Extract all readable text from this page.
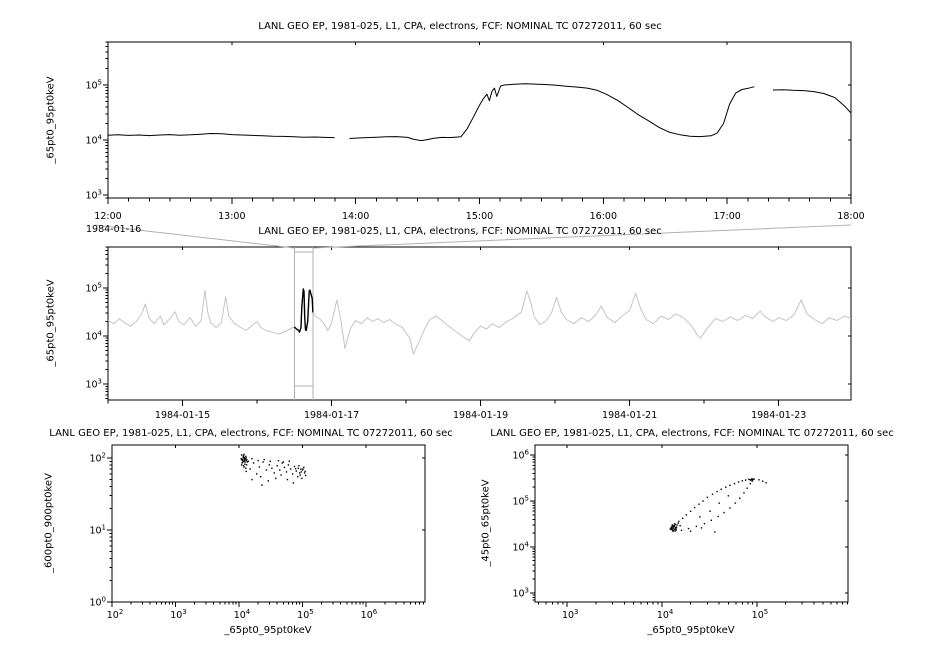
$10^3$
$10^4$
$10^5$
12:00	13:00	14:00	15:00	16:00	17:00	18:00
$10^3$
$10^4$
$10^5$
1984-01-15	1984-01-17	1984-01-19	1984-01-21	1984-01-23
$10^0$
$10^1$
$10^2$
$10^2$	$10^3$	$10^4$	$10^5$	$10^6$
$10^3$
$10^4$
$10^5$
$10^6$
$10^3$	$10^4$	$10^5$
LANL GEO EP, 1981-025, L1, CPA, electrons, FCF: NOMINAL TC 07272011, 60 sec
LANL GEO EP, 1981-025, L1, CPA, electrons, FCF: NOMINAL TC 07272011, 60 sec
LANL GEO EP, 1981-025, L1, CPA, electrons, FCF: NOMINAL TC 07272011, 60 sec	LANL GEO EP, 1981-025, L1, CPA, electrons, FCF: NOMINAL TC 07272011, 60 sec
_65pt0_95pt0keV
_65pt0_95pt0keV
_600pt0_900pt0keV	_45pt0_65pt0keV
_65pt0_95pt0keV	_65pt0_95pt0keV
1984-01-16
